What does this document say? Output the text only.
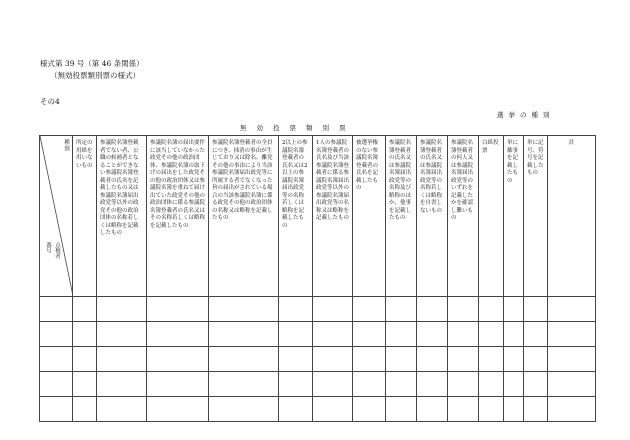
様式第 39 号（第 46 条関係）
（無効投票類別票の様式）
その4
選挙の種別
無効投票類別票
種別
番号 点検者	所定の用紙を用いないもの	参議院名簿登載者でない者、公職の候補者となることができない参議院名簿登載者の氏名を記載したもの又は参議院名簿届出政党等以外の政党その他の政治団体の名称若しくは略称を記載したもの	参議院名簿の届出要件に該当していなかった政党その他の政治団体、参議院名簿の取下げの届出をした政党その他の政治団体又は参議院名簿を重ねて届け出ていた政党その他の政治団体に係る参議院名簿登載者の氏名又はその名称若しくは略称を記載したもの	参議院名簿登載者の全員につき、抹消の事由が生じており又は除名、離党その他の事由により当該参議院名簿届出政党等に所属する者でなくなった旨の届出がされている場合の当該参議院名簿に係る政党その他の政治団体の名称又は略称を記載したもの	2以上の参議院名簿登載者の氏名又は2以上の参議院名簿届出政党等の名称若しくは略称を記載したもの	1人の参議院名簿登載者の氏名及び当該参議院名簿登載者に係る参議院名簿届出政党等以外の参議院名簿届出政党等の名称又は略称を記載したもの	被選挙権のない参議院名簿登載者の氏名を記載したもの	参議院名簿登載者の氏名又は参議院名簿届出政党等の名称及び略称のほか、他事を記載したもの	参議院名簿登載者の氏名又は参議院名簿届出政党等の名称若しくは略称を自書しないもの	参議院名簿登載者の何人又は参議院名簿届出政党等のいずれを記載したかを確認し難いもの	白紙投票	単に雑事を記載したもの	単に記号、符号を記載したもの	計
